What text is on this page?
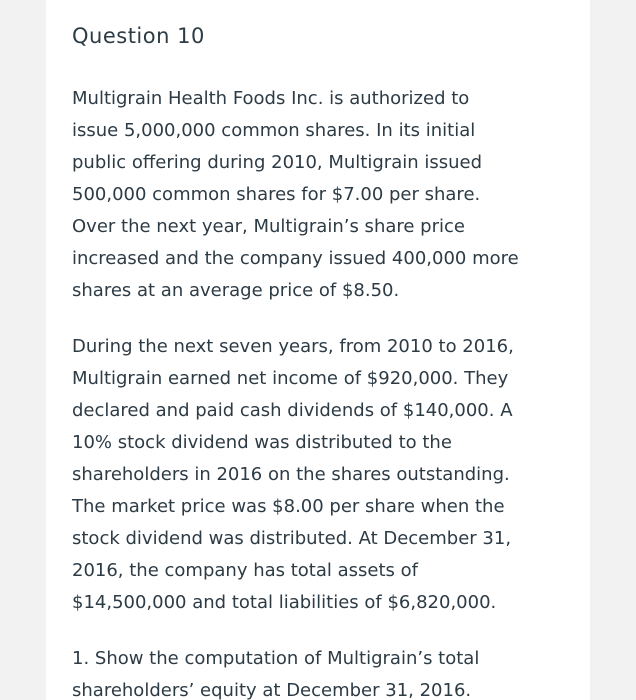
Question 10

Multigrain Health Foods Inc. is authorized to
issue 5,000,000 common shares. In its initial
public offering during 2010, Multigrain issued
500,000 common shares for $7.00 per share.
Over the next year, Multigrain’s share price
increased and the company issued 400,000 more
shares at an average price of $8.50.

During the next seven years, from 2010 to 2016,
Multigrain earned net income of $920,000. They
declared and paid cash dividends of $140,000. A
10% stock dividend was distributed to the
shareholders in 2016 on the shares outstanding.
The market price was $8.00 per share when the
stock dividend was distributed. At December 31,
2016, the company has total assets of
$14,500,000 and total liabilities of $6,820,000.

1. Show the computation of Multigrain’s total
shareholders’ equity at December 31, 2016.
